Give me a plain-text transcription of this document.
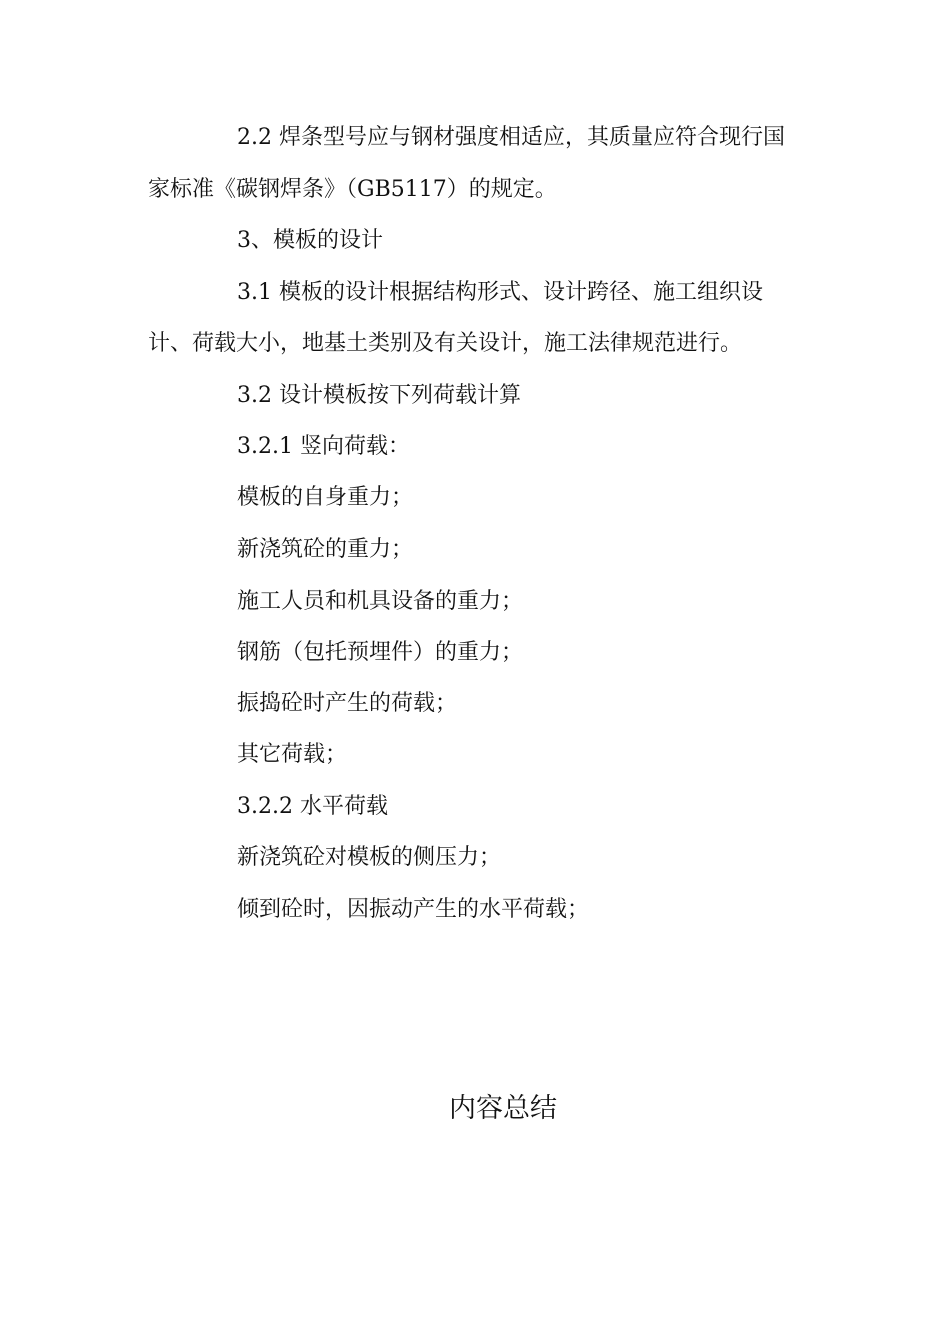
2.2 焊条型号应与钢材强度相适应，其质量应符合现行国
家标准《碳钢焊条》（GB5117）的规定。
3、模板的设计
3.1 模板的设计根据结构形式、设计跨径、施工组织设
计、荷载大小，地基土类别及有关设计，施工法律规范进行。
3.2 设计模板按下列荷载计算
3.2.1 竖向荷载：
模板的自身重力；
新浇筑砼的重力；
施工人员和机具设备的重力；
钢筋（包托预埋件）的重力；
振捣砼时产生的荷载；
其它荷载；
3.2.2 水平荷载
新浇筑砼对模板的侧压力；
倾到砼时，因振动产生的水平荷载；
内容总结
